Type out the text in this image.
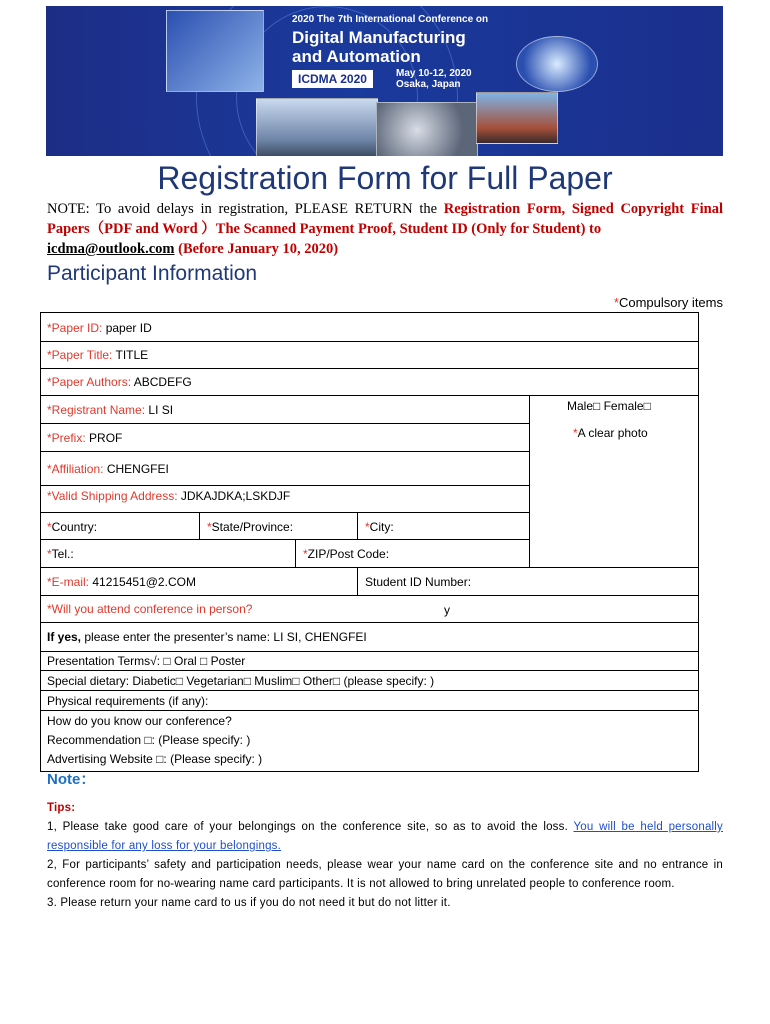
2020 The 7th International Conference on
Digital Manufacturing
and Automation
ICDMA 2020	May 10-12, 2020
Osaka, Japan
Registration Form for Full Paper
NOTE: To avoid delays in registration, PLEASE RETURN the Registration Form, Signed Copyright Final Papers（PDF and Word ）The Scanned Payment Proof, Student ID (Only for Student) to
icdma@outlook.com (Before January 10, 2020)
Participant Information
*Compulsory items
*Paper ID: paper ID
*Paper Title: TITLE
*Paper Authors: ABCDEFG
*Registrant Name: LI SI	Male□ Female□
*A clear photo
*Prefix: PROF
*Affiliation: CHENGFEI
*Valid Shipping Address: JDKAJDKA;LSKDJF
*Country:	*State/Province:	*City:
*Tel.:	*ZIP/Post Code:
*E-mail: 41215451@2.COM	Student ID Number:
*Will you attend conference in person?	y
If yes, please enter the presenter’s name: LI SI, CHENGFEI
Presentation Terms√: □ Oral □ Poster
Special dietary: Diabetic□ Vegetarian□ Muslim□ Other□ (please specify: )
Physical requirements (if any):
How do you know our conference?
Recommendation □: (Please specify: )
Advertising Website □: (Please specify: )
Note：
Tips:
1, Please take good care of your belongings on the conference site, so as to avoid the loss. You will be held personally responsible for any loss for your belongings.
2, For participants’ safety and participation needs, please wear your name card on the conference site and no entrance in conference room for no-wearing name card participants. It is not allowed to bring unrelated people to conference room.
3. Please return your name card to us if you do not need it but do not litter it.
